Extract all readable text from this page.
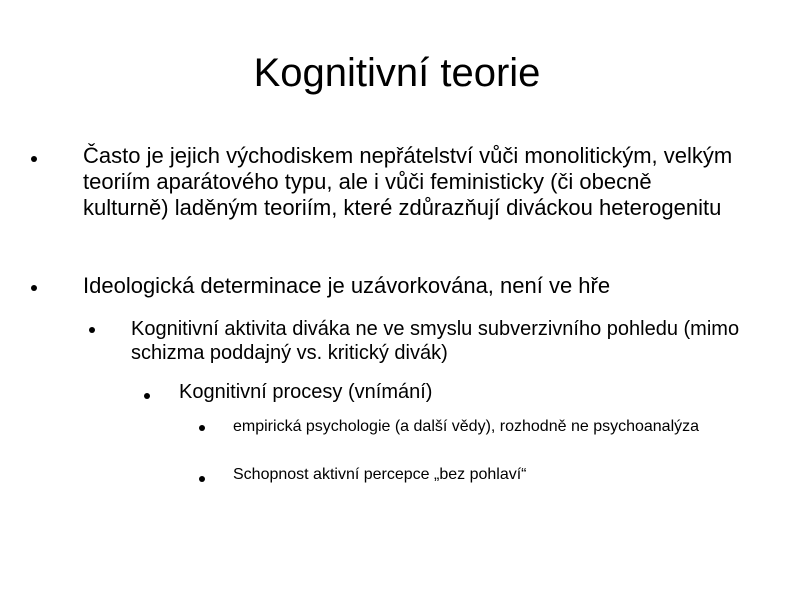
Kognitivní teorie
Často je jejich východiskem nepřátelství vůči monolitickým, velkým teoriím aparátového typu, ale i vůči feministicky (či obecně kulturně) laděným teoriím, které zdůrazňují diváckou heterogenitu
Ideologická determinace je uzávorkována, není ve hře
Kognitivní aktivita diváka ne ve smyslu subverzivního pohledu (mimo schizma poddajný vs. kritický divák)
Kognitivní procesy (vnímání)
empirická psychologie (a další vědy), rozhodně ne psychoanalýza
Schopnost aktivní percepce „bez pohlaví“
